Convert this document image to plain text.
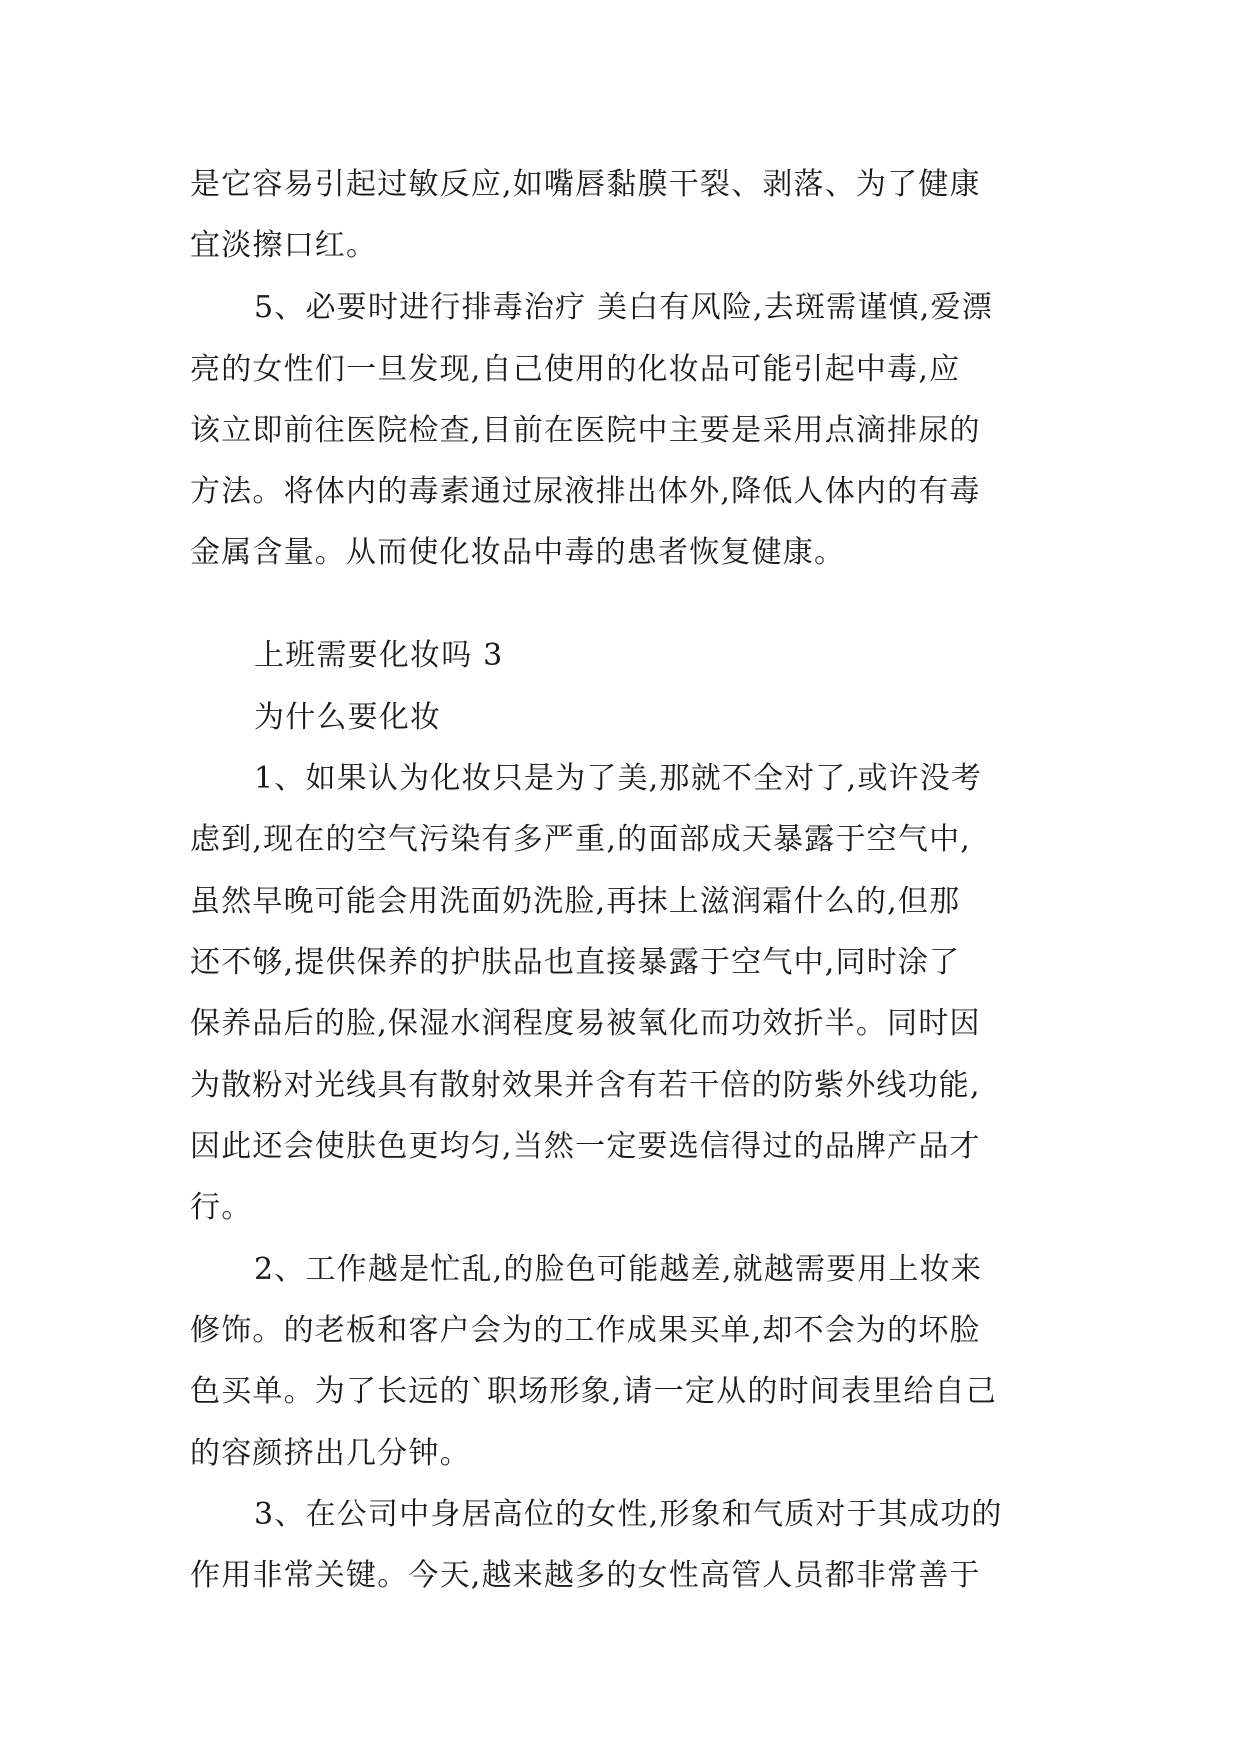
是它容易引起过敏反应,如嘴唇黏膜干裂、剥落、为了健康
宜淡擦口红。
5、必要时进行排毒治疗 美白有风险,去斑需谨慎,爱漂
亮的女性们一旦发现,自己使用的化妆品可能引起中毒,应
该立即前往医院检查,目前在医院中主要是采用点滴排尿的
方法。将体内的毒素通过尿液排出体外,降低人体内的有毒
金属含量。从而使化妆品中毒的患者恢复健康。
上班需要化妆吗 3
为什么要化妆
1、如果认为化妆只是为了美,那就不全对了,或许没考
虑到,现在的空气污染有多严重,的面部成天暴露于空气中,
虽然早晚可能会用洗面奶洗脸,再抹上滋润霜什么的,但那
还不够,提供保养的护肤品也直接暴露于空气中,同时涂了
保养品后的脸,保湿水润程度易被氧化而功效折半。同时因
为散粉对光线具有散射效果并含有若干倍的防紫外线功能,
因此还会使肤色更均匀,当然一定要选信得过的品牌产品才
行。
2、工作越是忙乱,的脸色可能越差,就越需要用上妆来
修饰。的老板和客户会为的工作成果买单,却不会为的坏脸
色买单。为了长远的`职场形象,请一定从的时间表里给自己
的容颜挤出几分钟。
3、在公司中身居高位的女性,形象和气质对于其成功的
作用非常关键。今天,越来越多的女性高管人员都非常善于
